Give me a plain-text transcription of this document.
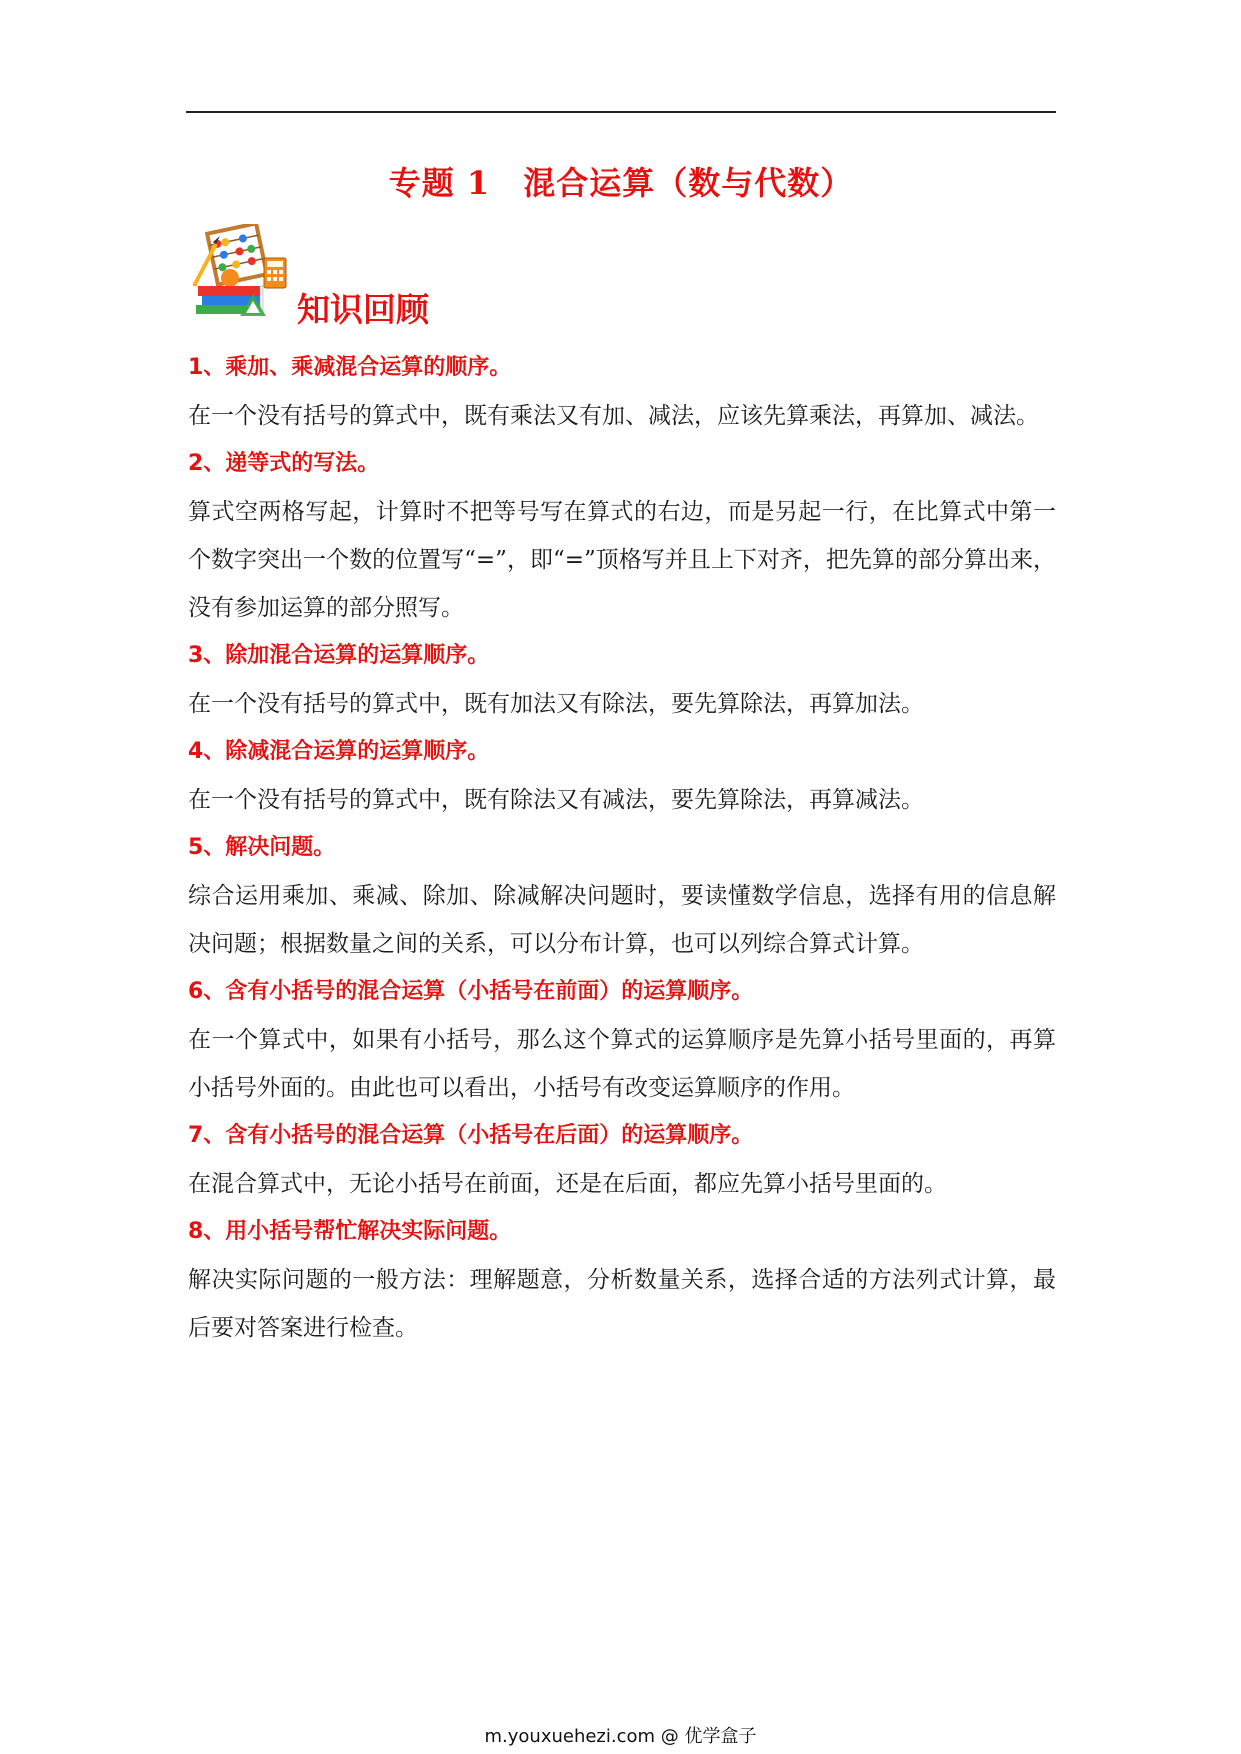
专题 1　混合运算（数与代数）
知识回顾

1、乘加、乘减混合运算的顺序。

在一个没有括号的算式中，既有乘法又有加、减法，应该先算乘法，再算加、减法。

2、递等式的写法。

算式空两格写起，计算时不把等号写在算式的右边，而是另起一行，在比算式中第一个数字突出一个数的位置写“=”，即“=”顶格写并且上下对齐，把先算的部分算出来，没有参加运算的部分照写。

3、除加混合运算的运算顺序。

在一个没有括号的算式中，既有加法又有除法，要先算除法，再算加法。

4、除减混合运算的运算顺序。

在一个没有括号的算式中，既有除法又有减法，要先算除法，再算减法。

5、解决问题。

综合运用乘加、乘减、除加、除减解决问题时，要读懂数学信息，选择有用的信息解决问题；根据数量之间的关系，可以分布计算，也可以列综合算式计算。

6、含有小括号的混合运算（小括号在前面）的运算顺序。

在一个算式中，如果有小括号，那么这个算式的运算顺序是先算小括号里面的，再算小括号外面的。由此也可以看出，小括号有改变运算顺序的作用。

7、含有小括号的混合运算（小括号在后面）的运算顺序。

在混合算式中，无论小括号在前面，还是在后面，都应先算小括号里面的。

8、用小括号帮忙解决实际问题。

解决实际问题的一般方法：理解题意，分析数量关系，选择合适的方法列式计算，最后要对答案进行检查。

m.youxuehezi.com @ 优学盒子
